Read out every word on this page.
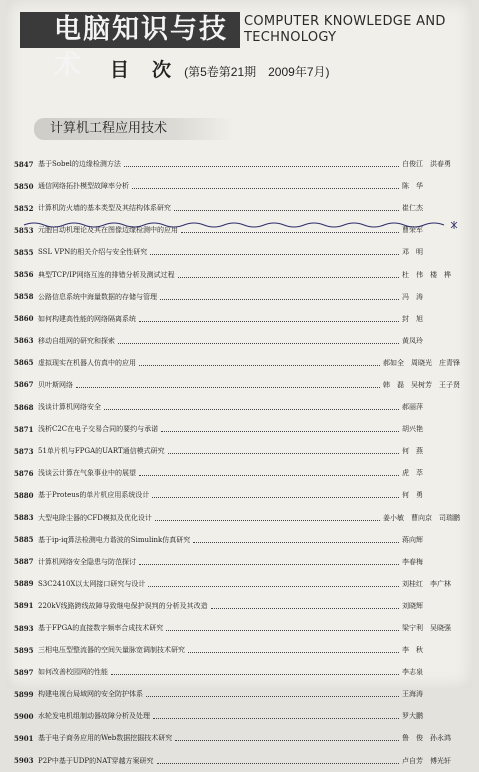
电脑知识与技术
COMPUTER KNOWLEDGE AND TECHNOLOGY
目　次 (第5卷第21期　2009年7月)
计算机工程应用技术
5847 基于Sobel的边缘检测方法	白俊江　洪春勇
5850 通信网络拓扑模型故障率分析	陈　华
5852 计算机防火墙的基本类型及其结构体系研究	崔仁杰
5853 元胞自动机理论及其在图像边缘检测中的应用	曹荣军
5855 SSL VPN的相关介绍与安全性研究	邓　明
5856 典型TCP/IP网络互连的排错分析及测试过程	杜　伟　楼　桦
5858 公路信息系统中海量数据的存储与管理	冯　涛
5860 如何构建高性能的网络隔离系统	封　旭
5863 移动自组网的研究和探索	黄凤玲
5865 虚拟现实在机器人仿真中的应用	郝如全　周晓光　庄青锋
5867 贝叶斯网络	韩　磊　吴树芳　王子贤
5868 浅谈计算机网络安全	郝丽萍
5871 浅析C2C在电子交易合同的要约与承诺	胡兴艳
5873 51单片机与FPGA的UART通信模式研究	何　燕
5876 浅谈云计算在气象事业中的展望	虎　萃
5880 基于Proteus的单片机应用系统设计	何　勇
5883 大型电除尘器的CFD模拟及优化设计	姜小敏　曹向京　司瑞鹏
5885 基于ip-iq算法检测电力谐波的Simulink仿真研究	蒋向辉
5887 计算机网络安全隐患与防范探讨	李春梅
5889 S3C2410X以太网接口研究与设计	刘桂红　李广林
5891 220kV线路跨线故障导致继电保护误判的分析及其改造	刘晓辉
5893 基于FPGA的直接数字频率合成技术研究	梁宁利　吴晓强
5895 三相电压型整流器的空间矢量脉宽调制技术研究	李　秋
5897 如何改善校园网的性能	李志泉
5899 构建电视台局域网的安全防护体系	王海涛
5900 水轮发电机组制动器故障分析及处理	罗大鹏
5901 基于电子商务应用的Web数据挖掘技术研究	鲁　俊　孙永鸿
5903 P2P中基于UDP的NAT穿越方案研究	卢自芳　傅光轩
